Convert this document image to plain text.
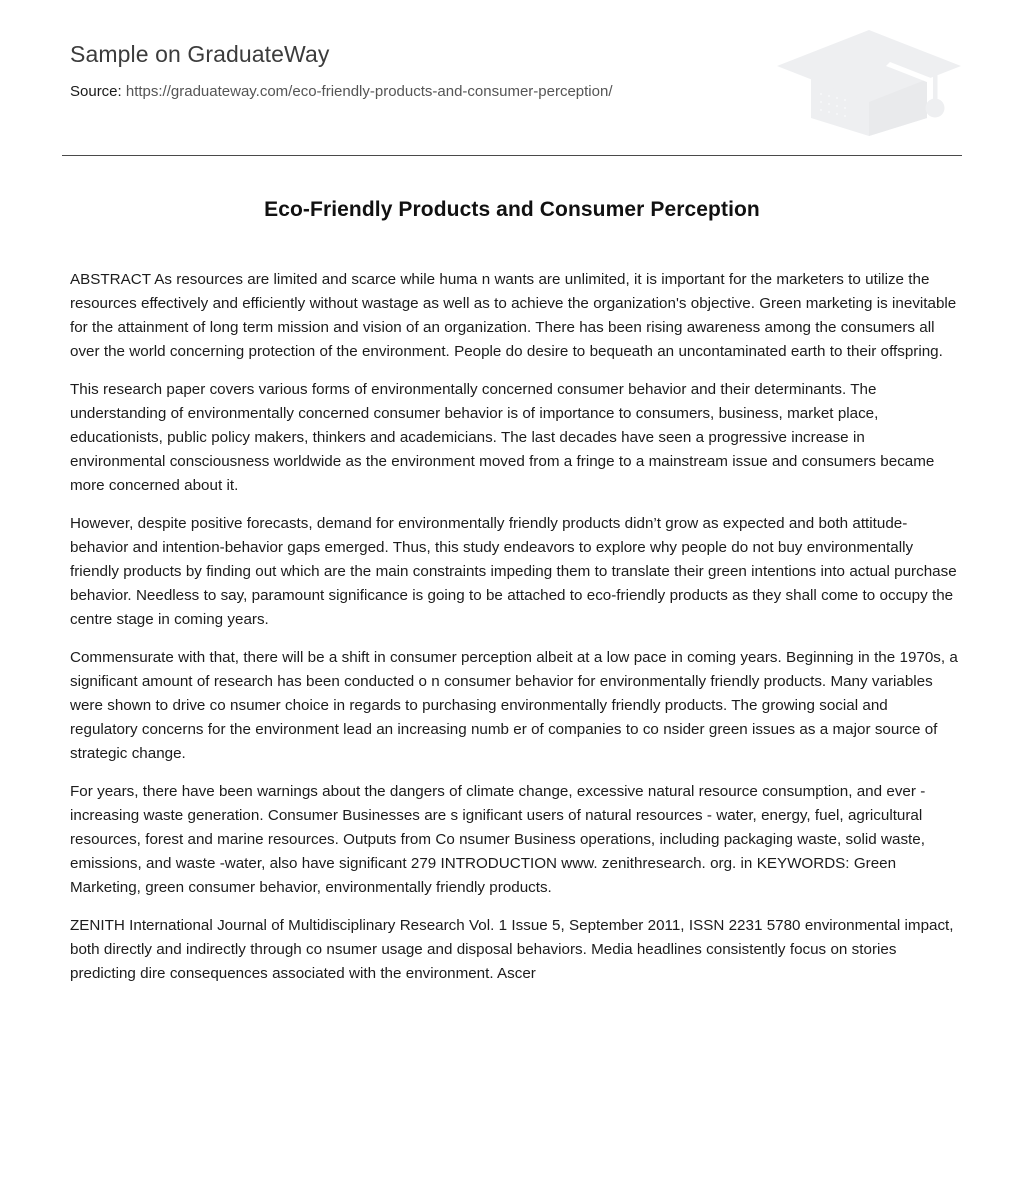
Sample on GraduateWay
Source: https://graduateway.com/eco-friendly-products-and-consumer-perception/
Eco-Friendly Products and Consumer Perception

ABSTRACT As resources are limited and scarce while huma n wants are unlimited, it is important for the marketers to utilize the resources effectively and efficiently without wastage as well as to achieve the organization's objective. Green marketing is inevitable for the attainment of long term mission and vision of an organization. There has been rising awareness among the consumers all over the world concerning protection of the environment. People do desire to bequeath an uncontaminated earth to their offspring.

This research paper covers various forms of environmentally concerned consumer behavior and their determinants. The understanding of environmentally concerned consumer behavior is of importance to consumers, business, market place, educationists, public policy makers, thinkers and academicians. The last decades have seen a progressive increase in environmental consciousness worldwide as the environment moved from a fringe to a mainstream issue and consumers became more concerned about it.

However, despite positive forecasts, demand for environmentally friendly products didn’t grow as expected and both attitude-behavior and intention-behavior gaps emerged. Thus, this study endeavors to explore why people do not buy environmentally friendly products by finding out which are the main constraints impeding them to translate their green intentions into actual purchase behavior. Needless to say, paramount significance is going to be attached to eco-friendly products as they shall come to occupy the centre stage in coming years.

Commensurate with that, there will be a shift in consumer perception albeit at a low pace in coming years. Beginning in the 1970s, a significant amount of research has been conducted o n consumer behavior for environmentally friendly products. Many variables were shown to drive co nsumer choice in regards to purchasing environmentally friendly products. The growing social and regulatory concerns for the environment lead an increasing numb er of companies to co nsider green issues as a major source of strategic change.

For years, there have been warnings about the dangers of climate change, excessive natural resource consumption, and ever -increasing waste generation. Consumer Businesses are s ignificant users of natural resources - water, energy, fuel, agricultural resources, forest and marine resources. Outputs from Co nsumer Business operations, including packaging waste, solid waste, emissions, and waste -water, also have significant 279 INTRODUCTION www. zenithresearch. org. in KEYWORDS: Green Marketing, green consumer behavior, environmentally friendly products.

ZENITH International Journal of Multidisciplinary Research Vol. 1 Issue 5, September 2011, ISSN 2231 5780 environmental impact, both directly and indirectly through co nsumer usage and disposal behaviors. Media headlines consistently focus on stories predicting dire consequences associated with the environment. Ascer
